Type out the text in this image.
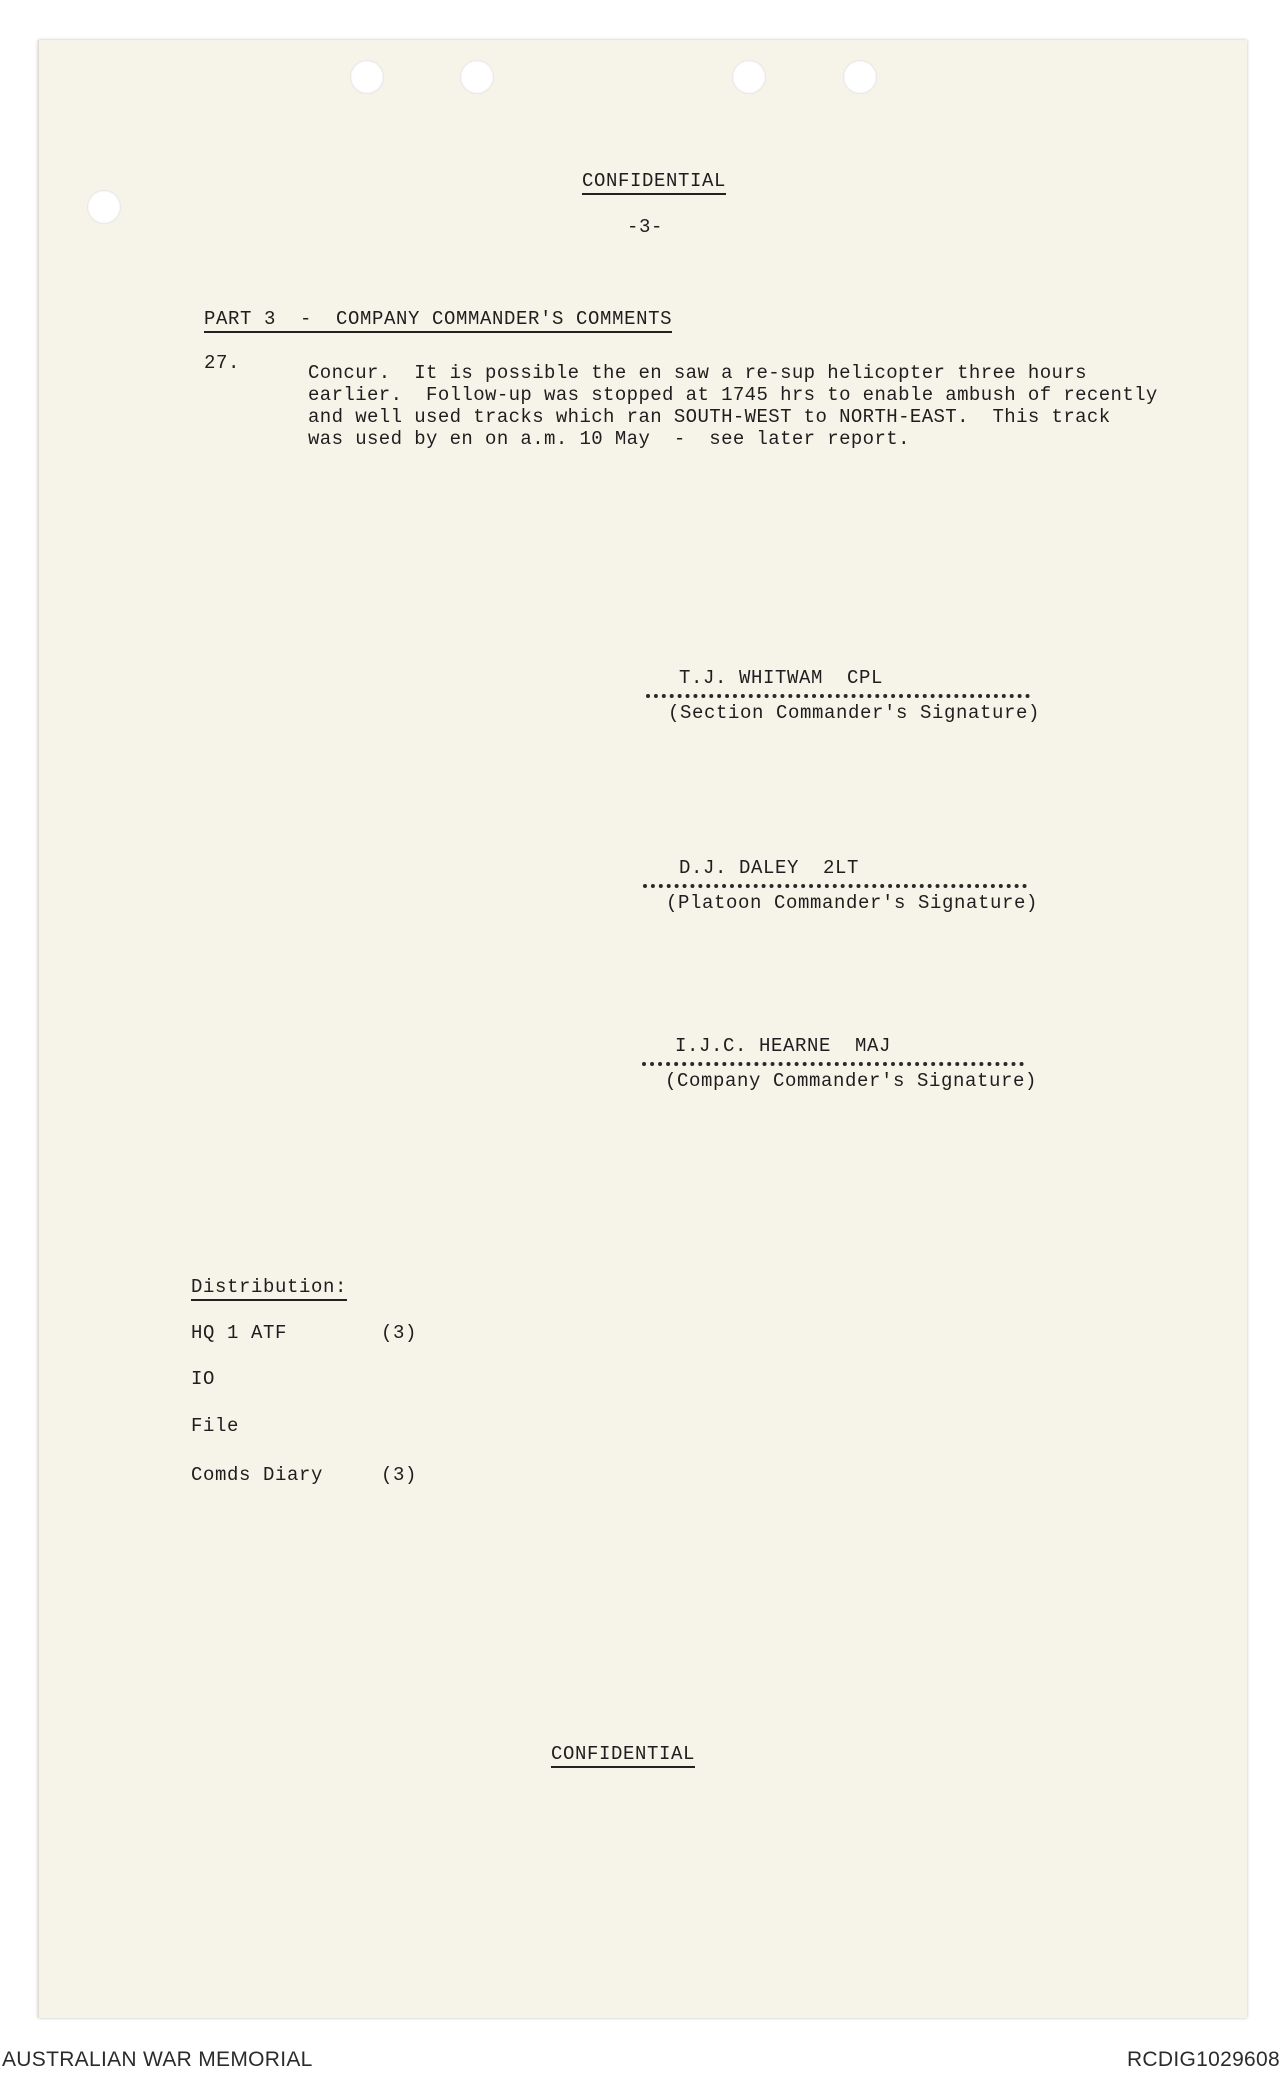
CONFIDENTIAL
-3-
PART 3  -  COMPANY COMMANDER'S COMMENTS
27.	Concur.  It is possible the en saw a re-sup helicopter three hours
earlier.  Follow-up was stopped at 1745 hrs to enable ambush of recently
and well used tracks which ran SOUTH-WEST to NORTH-EAST.  This track
was used by en on a.m. 10 May  -  see later report.
T.J. WHITWAM  CPL
(Section Commander's Signature)
D.J. DALEY  2LT
(Platoon Commander's Signature)
I.J.C. HEARNE  MAJ
(Company Commander's Signature)
Distribution:
HQ 1 ATF	(3)
IO
File
Comds Diary	(3)
CONFIDENTIAL
AUSTRALIAN WAR MEMORIAL	RCDIG1029608
